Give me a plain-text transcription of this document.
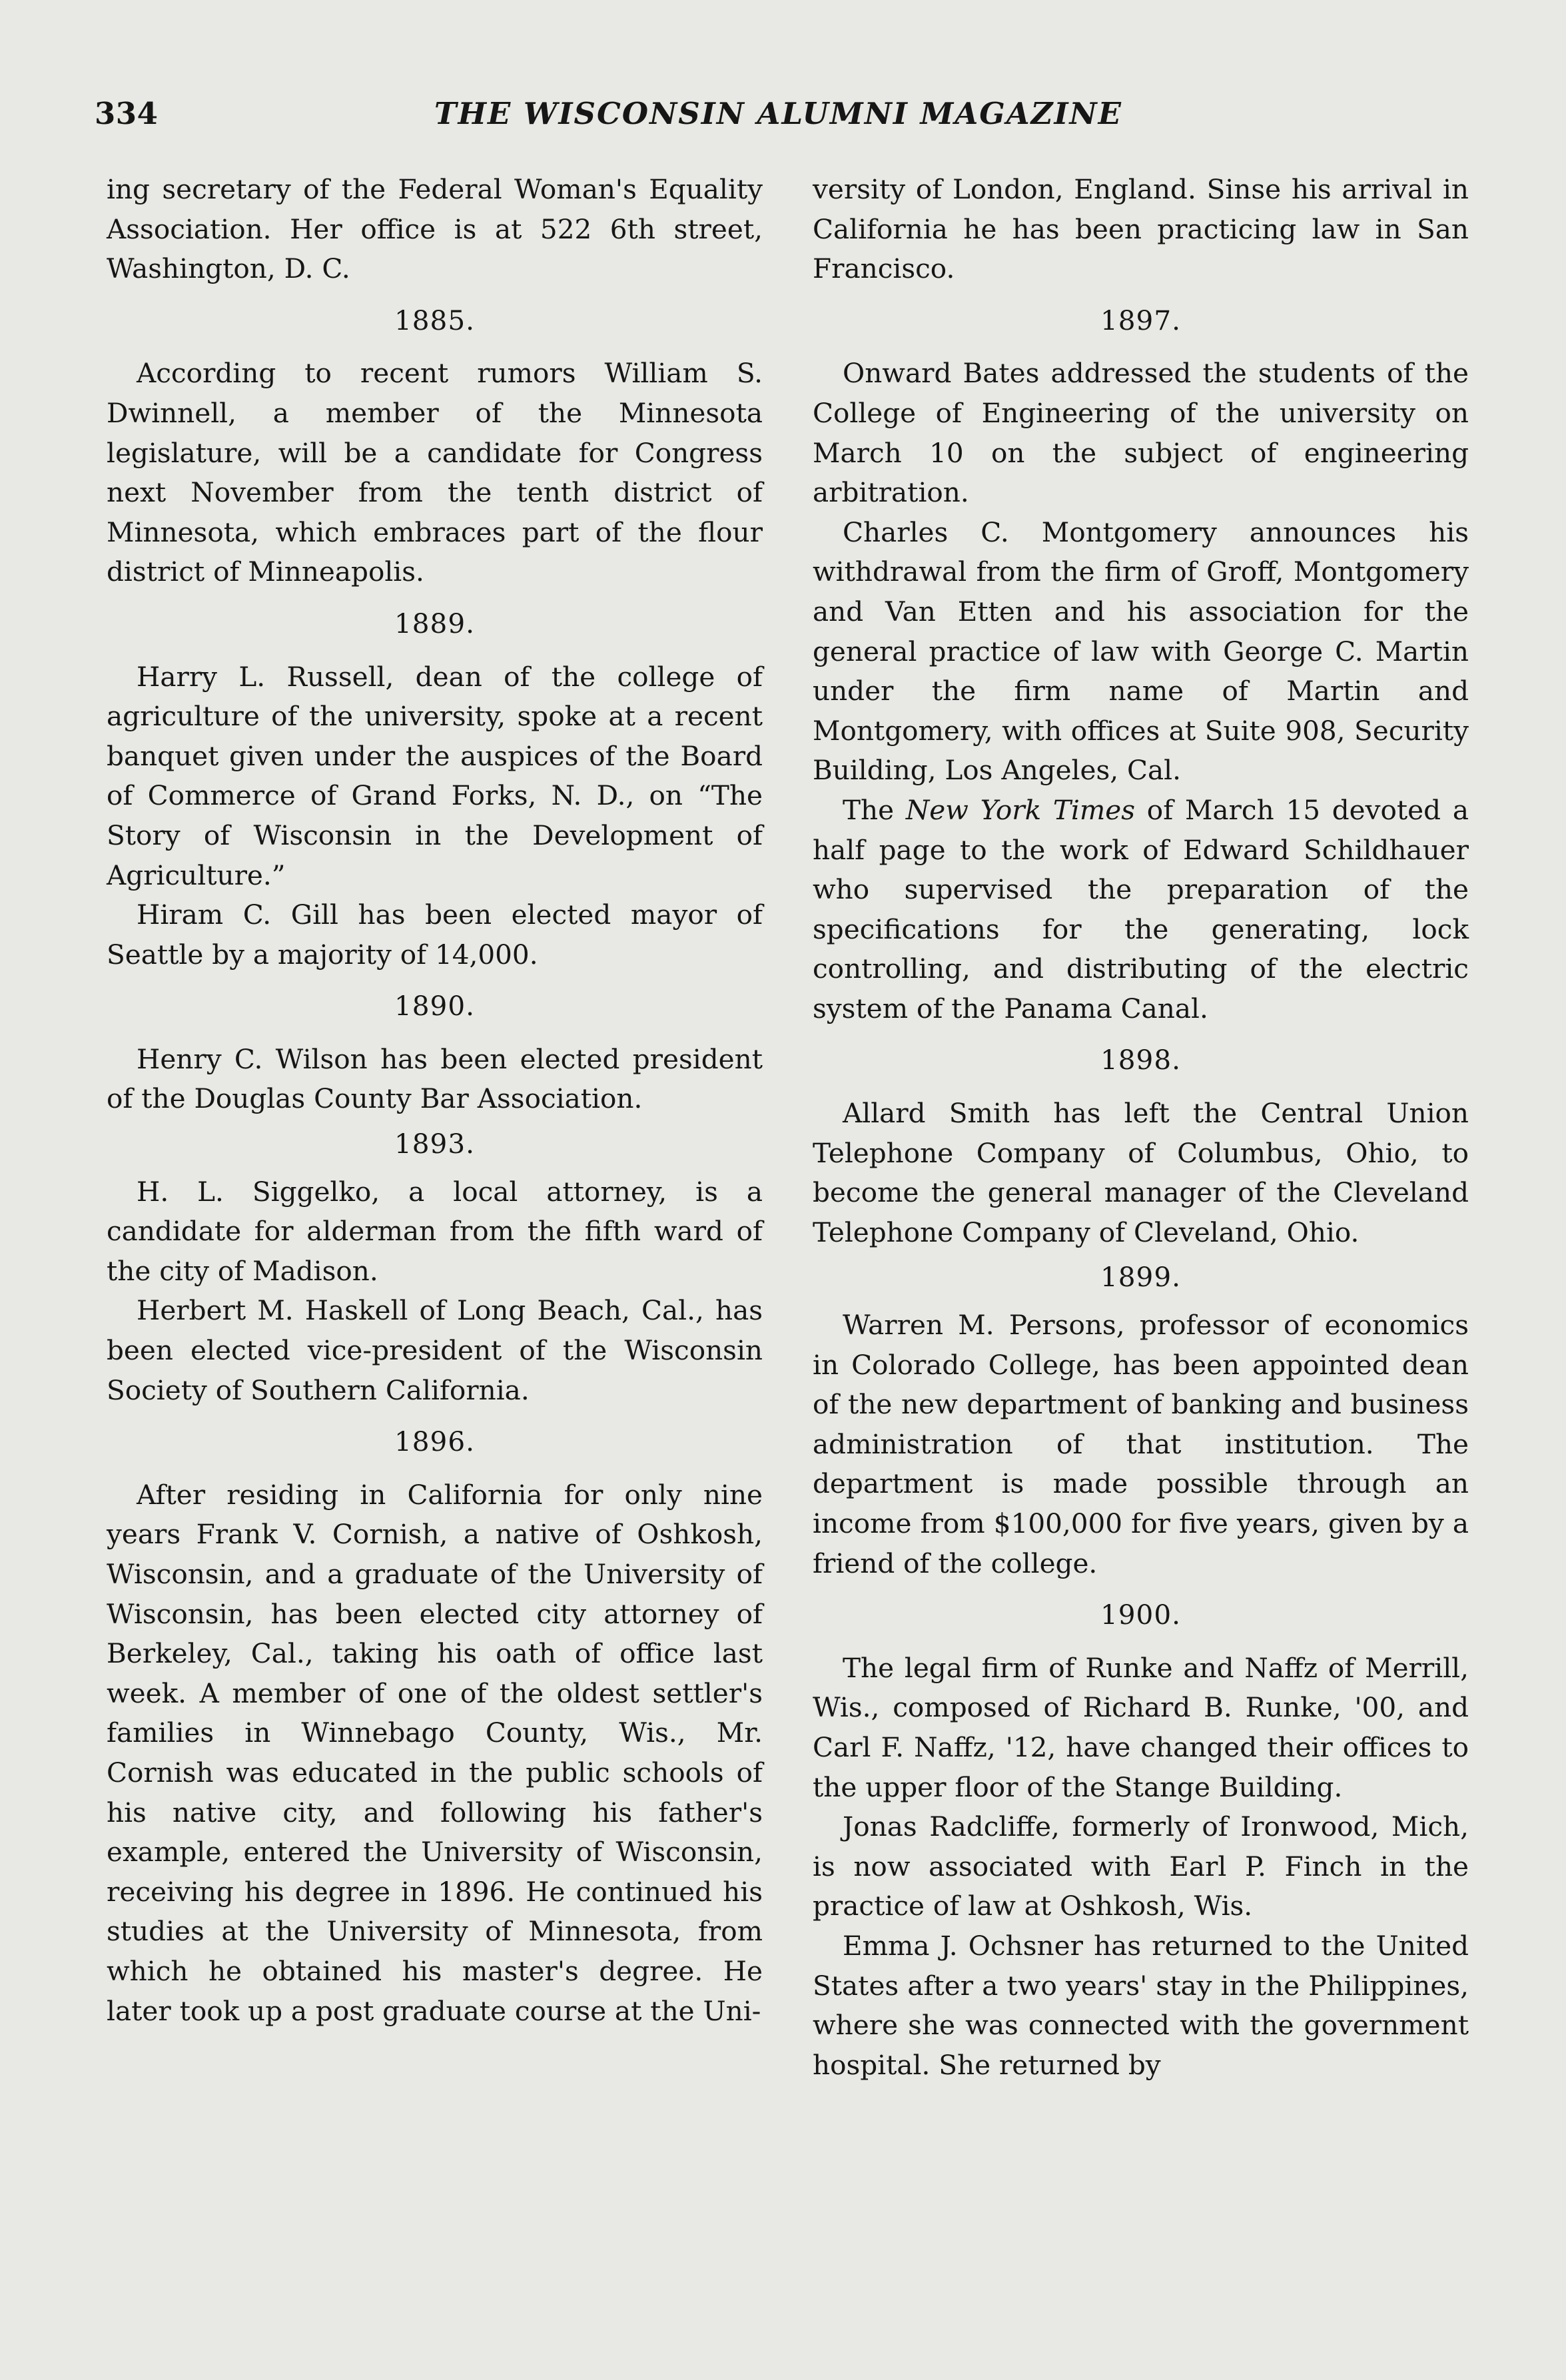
334	THE WISCONSIN ALUMNI MAGAZINE

ing secretary of the Federal Woman's Equality Association. Her office is at 522 6th street, Washington, D. C.

1885.

According to recent rumors William S. Dwinnell, a member of the Minnesota legislature, will be a candidate for Congress next November from the tenth district of Minnesota, which embraces part of the flour district of Minneapolis.

1889.

Harry L. Russell, dean of the college of agriculture of the university, spoke at a recent banquet given under the auspices of the Board of Commerce of Grand Forks, N. D., on “The Story of Wisconsin in the Development of Agriculture.”

Hiram C. Gill has been elected mayor of Seattle by a majority of 14,000.

1890.

Henry C. Wilson has been elected president of the Douglas County Bar Association.

1893.

H. L. Siggelko, a local attorney, is a candidate for alderman from the fifth ward of the city of Madison.

Herbert M. Haskell of Long Beach, Cal., has been elected vice-president of the Wisconsin Society of Southern California.

1896.

After residing in California for only nine years Frank V. Cornish, a native of Oshkosh, Wisconsin, and a graduate of the University of Wisconsin, has been elected city attorney of Berkeley, Cal., taking his oath of office last week. A member of one of the oldest settler's families in Winnebago County, Wis., Mr. Cornish was educated in the public schools of his native city, and following his father's example, entered the University of Wisconsin, receiving his degree in 1896. He continued his studies at the University of Minnesota, from which he obtained his master's degree. He later took up a post graduate course at the Uni-

versity of London, England. Sinse his arrival in California he has been practicing law in San Francisco.

1897.

Onward Bates addressed the students of the College of Engineering of the university on March 10 on the subject of engineering arbitration.

Charles C. Montgomery announces his withdrawal from the firm of Groff, Montgomery and Van Etten and his association for the general practice of law with George C. Martin under the firm name of Martin and Montgomery, with offices at Suite 908, Security Building, Los Angeles, Cal.

The New York Times of March 15 devoted a half page to the work of Edward Schildhauer who supervised the preparation of the specifications for the generating, lock controlling, and distributing of the electric system of the Panama Canal.

1898.

Allard Smith has left the Central Union Telephone Company of Columbus, Ohio, to become the general manager of the Cleveland Telephone Company of Cleveland, Ohio.

1899.

Warren M. Persons, professor of economics in Colorado College, has been appointed dean of the new department of banking and business administration of that institution. The department is made possible through an income from $100,000 for five years, given by a friend of the college.

1900.

The legal firm of Runke and Naffz of Merrill, Wis., composed of Richard B. Runke, '00, and Carl F. Naffz, '12, have changed their offices to the upper floor of the Stange Building.

Jonas Radcliffe, formerly of Ironwood, Mich, is now associated with Earl P. Finch in the practice of law at Oshkosh, Wis.

Emma J. Ochsner has returned to the United States after a two years' stay in the Philippines, where she was connected with the government hospital. She returned by
